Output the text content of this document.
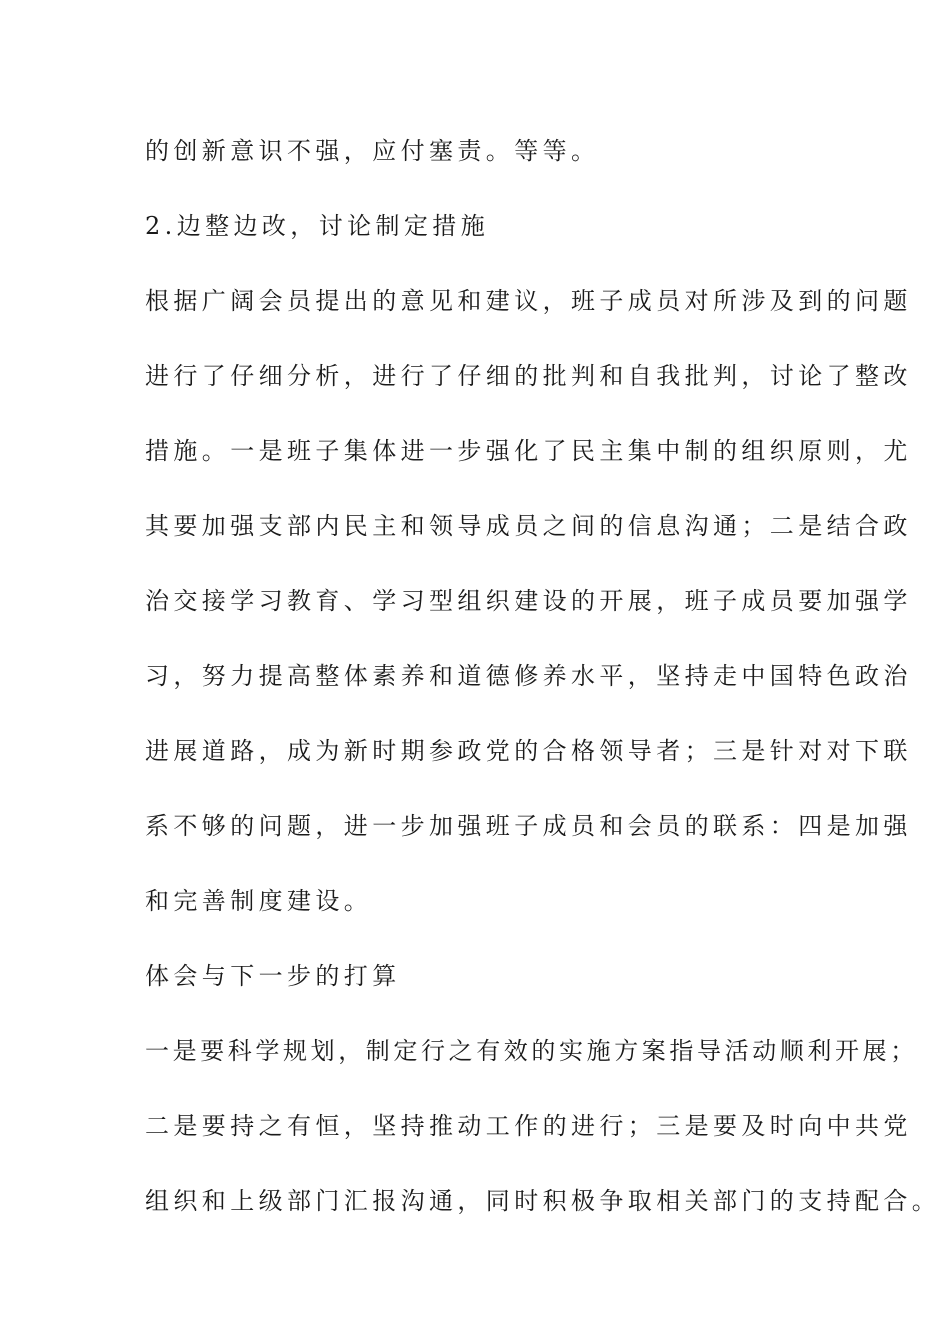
的创新意识不强，应付塞责。等等。
2.边整边改，讨论制定措施
根据广阔会员提出的意见和建议，班子成员对所涉及到的问题
进行了仔细分析，进行了仔细的批判和自我批判，讨论了整改
措施。一是班子集体进一步强化了民主集中制的组织原则，尤
其要加强支部内民主和领导成员之间的信息沟通；二是结合政
治交接学习教育、学习型组织建设的开展，班子成员要加强学
习，努力提高整体素养和道德修养水平，坚持走中国特色政治
进展道路，成为新时期参政党的合格领导者；三是针对对下联
系不够的问题，进一步加强班子成员和会员的联系：四是加强
和完善制度建设。
体会与下一步的打算
一是要科学规划，制定行之有效的实施方案指导活动顺利开展；
二是要持之有恒，坚持推动工作的进行；三是要及时向中共党
组织和上级部门汇报沟通，同时积极争取相关部门的支持配合。
